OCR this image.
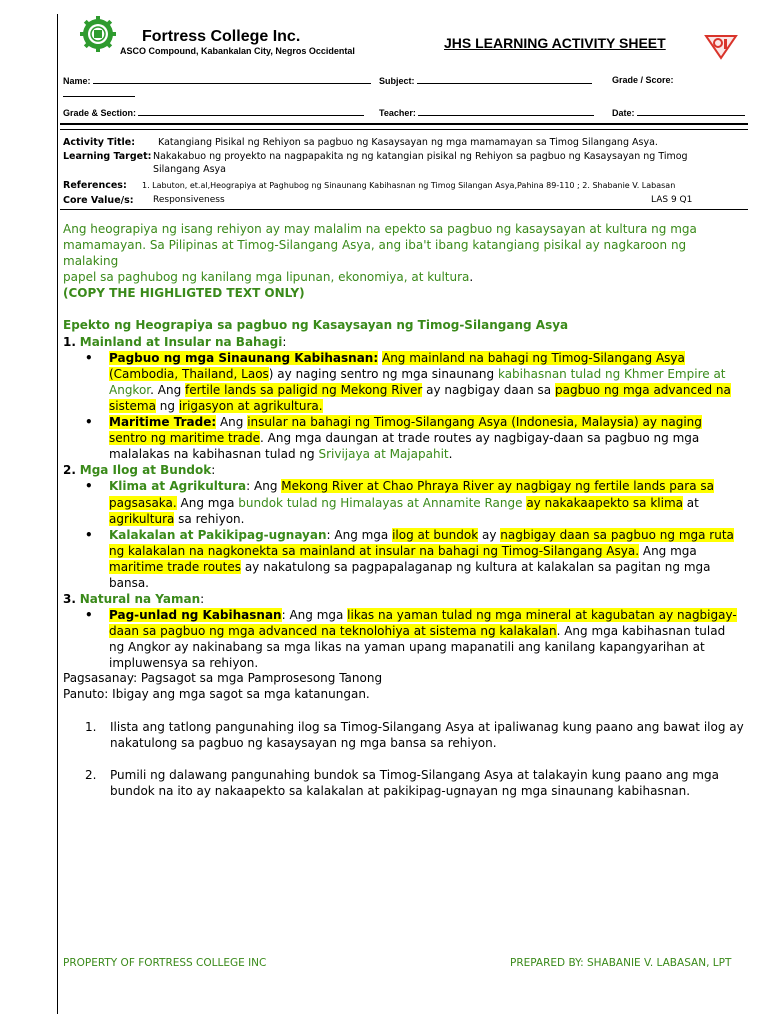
Fortress College Inc.
ASCO Compound, Kabankalan City, Negros Occidental	JHS LEARNING ACTIVITY SHEET
Name:	Subject:	Grade / Score:
Grade & Section:	Teacher:	Date:
Activity Title: Katangiang Pisikal ng Rehiyon sa pagbuo ng Kasaysayan ng mga mamamayan sa Timog Silangang Asya.
Learning Target: Nakakabuo ng proyekto na nagpapakita ng ng katangian pisikal ng Rehiyon sa pagbuo ng Kasaysayan ng Timog
Silangang Asya
References: 1. Labuton, et.al,Heograpiya at Paghubog ng Sinaunang Kabihasnan ng Timog Silangan Asya,Pahina 89-110 ; 2. Shabanie V. Labasan
Core Value/s: Responsiveness	LAS 9 Q1

Ang heograpiya ng isang rehiyon ay may malalim na epekto sa pagbuo ng kasaysayan at kultura ng mga
mamamayan. Sa Pilipinas at Timog-Silangang Asya, ang iba't ibang katangiang pisikal ay nagkaroon ng malaking
papel sa paghubog ng kanilang mga lipunan, ekonomiya, at kultura.

(COPY THE HIGHLIGTED TEXT ONLY)

Epekto ng Heograpiya sa pagbuo ng Kasaysayan ng Timog-Silangang Asya

1. Mainland at Insular na Bahagi:

• Pagbuo ng mga Sinaunang Kabihasnan: Ang mainland na bahagi ng Timog-Silangang Asya (Cambodia, Thailand, Laos) ay naging sentro ng mga sinaunang kabihasnan tulad ng Khmer Empire at Angkor. Ang fertile lands sa paligid ng Mekong River ay nagbigay daan sa pagbuo ng mga advanced na sistema ng irigasyon at agrikultura.
• Maritime Trade: Ang insular na bahagi ng Timog-Silangang Asya (Indonesia, Malaysia) ay naging sentro ng maritime trade. Ang mga daungan at trade routes ay nagbigay-daan sa pagbuo ng mga malalakas na kabihasnan tulad ng Srivijaya at Majapahit.

2. Mga Ilog at Bundok:

• Klima at Agrikultura: Ang Mekong River at Chao Phraya River ay nagbigay ng fertile lands para sa pagsasaka. Ang mga bundok tulad ng Himalayas at Annamite Range ay nakakaapekto sa klima at agrikultura sa rehiyon.
• Kalakalan at Pakikipag-ugnayan: Ang mga ilog at bundok ay nagbigay daan sa pagbuo ng mga ruta ng kalakalan na nagkonekta sa mainland at insular na bahagi ng Timog-Silangang Asya. Ang mga maritime trade routes ay nakatulong sa pagpapalaganap ng kultura at kalakalan sa pagitan ng mga bansa.

3. Natural na Yaman:

• Pag-unlad ng Kabihasnan: Ang mga likas na yaman tulad ng mga mineral at kagubatan ay nagbigay-daan sa pagbuo ng mga advanced na teknolohiya at sistema ng kalakalan. Ang mga kabihasnan tulad ng Angkor ay nakinabang sa mga likas na yaman upang mapanatili ang kanilang kapangyarihan at impluwensya sa rehiyon.
Pagsasanay: Pagsagot sa mga Pamprosesong Tanong
Panuto: Ibigay ang mga sagot sa mga katanungan.
1. Ilista ang tatlong pangunahing ilog sa Timog-Silangang Asya at ipaliwanag kung paano ang bawat ilog ay nakatulong sa pagbuo ng kasaysayan ng mga bansa sa rehiyon.
2. Pumili ng dalawang pangunahing bundok sa Timog-Silangang Asya at talakayin kung paano ang mga bundok na ito ay nakaapekto sa kalakalan at pakikipag-ugnayan ng mga sinaunang kabihasnan.
PROPERTY OF FORTRESS COLLEGE INC	PREPARED BY: SHABANIE V. LABASAN, LPT
